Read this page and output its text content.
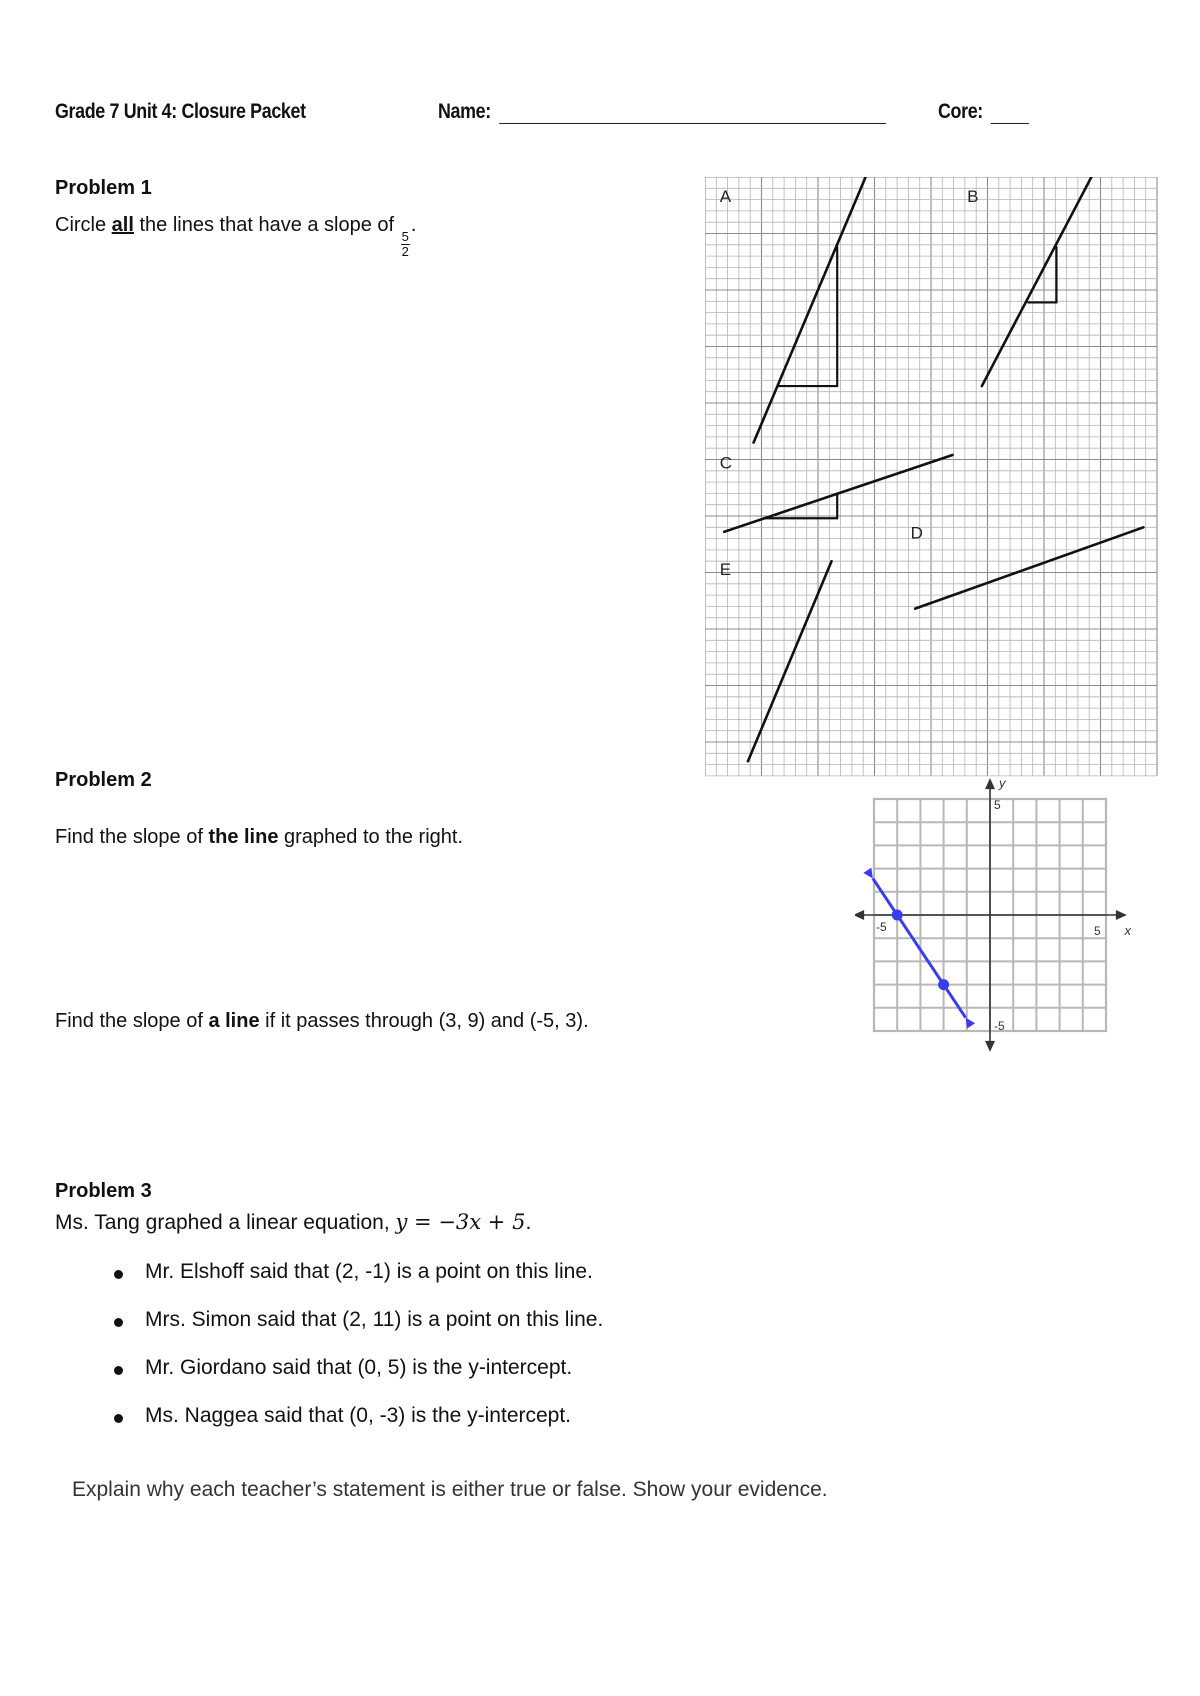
Grade 7 Unit 4: Closure Packet	Name:	Core:
Problem 1
Circle all the lines that have a slope of
$\frac{5}{2}$
.
A	B
C
D
E
Problem 2
Find the slope of the line graphed to the right.
Find the slope of a line if it passes through (3, 9) and (-5, 3).
-5	5
5
-5
x
y
Problem 3
Ms. Tang graphed a linear equation, y = −3x + 5.
Mr. Elshoff said that (2, -1) is a point on this line.
Mrs. Simon said that (2, 11) is a point on this line.
Mr. Giordano said that (0, 5) is the y-intercept.
Ms. Naggea said that (0, -3) is the y-intercept.
Explain why each teacher’s statement is either true or false. Show your evidence.
